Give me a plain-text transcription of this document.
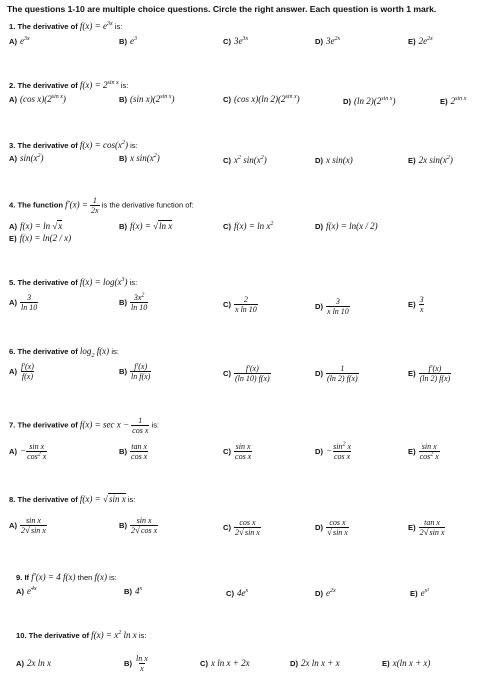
The questions 1-10 are multiple choice questions. Circle the right answer. Each question is worth 1 mark.
1. The derivative of $f(x) = e^{3x}$ is:
A) $e^{3x}$	B) $e^3$	C) $3e^{3x}$	D) $3e^{2x}$	E) $2e^{2x}$
2. The derivative of $f(x) = 2^{sin x}$ is:
A) (cos $x)(2^{sin x})$	B) (sin $x)(2^{sin x})$	C) (cos x)(ln $2)(2^{sin x})$	D) (ln $2)(2^{sin x})$	E) $2^{sin x}$
3. The derivative of $f(x) = \cos(x^2)$ is:
A) $\sin(x^2)$	B) x $\sin(x^2)$	C) $x^2$ $\sin(x^2)$	D) x sin(x)	E) 2x $\sin(x^2)$
4. The function $f'(x) = \frac{1}{2x}$ is the derivative function of:
A) f(x) = ln √x	B) f(x) = √ln x	C) $f(x) = \ln x^2$	D) f(x) = ln(x / 2)
E) f(x) = ln(2 / x)
5. The derivative of $f(x) = \log(x^3)$ is:
$A) \frac{3}{\ln 10}$	$B) \frac{3x^2}{\ln 10}$	$C) \frac{2}{\text{x ln 10}}$	$D) \frac{3}{\text{x ln 10}}$	$E) \frac{3}{x}$
6. The derivative of $\log_2 f(x)$ is:
$A) \frac{f'(x)}{f(x)}$	$B) \frac{f'(x)}{\text{ln f(x)}}$	$C) \frac{f'(x)}{(\ln 10) f(x)}$	$D) \frac{1}{(\ln 2) f(x)}$	$E) \frac{f'(x)}{(\ln 2) f(x)}$
7. The derivative of $f(x) = \sec x - \frac{1}{\text{cos x}}$ is:
$A) - \frac{\text{sin x}}{\cos^2 x}$	$B) \frac{\text{tan x}}{\text{cos x}}$	$C) \frac{\text{sin x}}{\text{cos x}}$	$D) - \frac{\sin^2 x}{\text{cos x}}$	$E) \frac{\text{sin x}}{\cos^2 x}$
8. The derivative of f(x) = √sin x is:
$A) \frac{\text{sin x}}{\text{2√sin x}}$	$B) \frac{\text{sin x}}{\text{2√cos x}}$	$C) \frac{\text{cos x}}{\text{2√sin x}}$	$D) \frac{\text{cos x}}{\text{√sin x}}$	$E) \frac{\text{tan x}}{\text{2√sin x}}$
9. If f′(x) = 4 f(x) then f(x) is:
A) $e^{4x}$	B) 4$^x$	C) $4e^x$	D) $e^{2x}$	E) $e^{x^2}$
10. The derivative of $f(x) = x^2$ ln x is:
A) 2x ln x	$B) \frac{\text{ln x}}{x}$	C) x ln x + 2x	D) 2x ln x + x	E) x(ln x + x)
